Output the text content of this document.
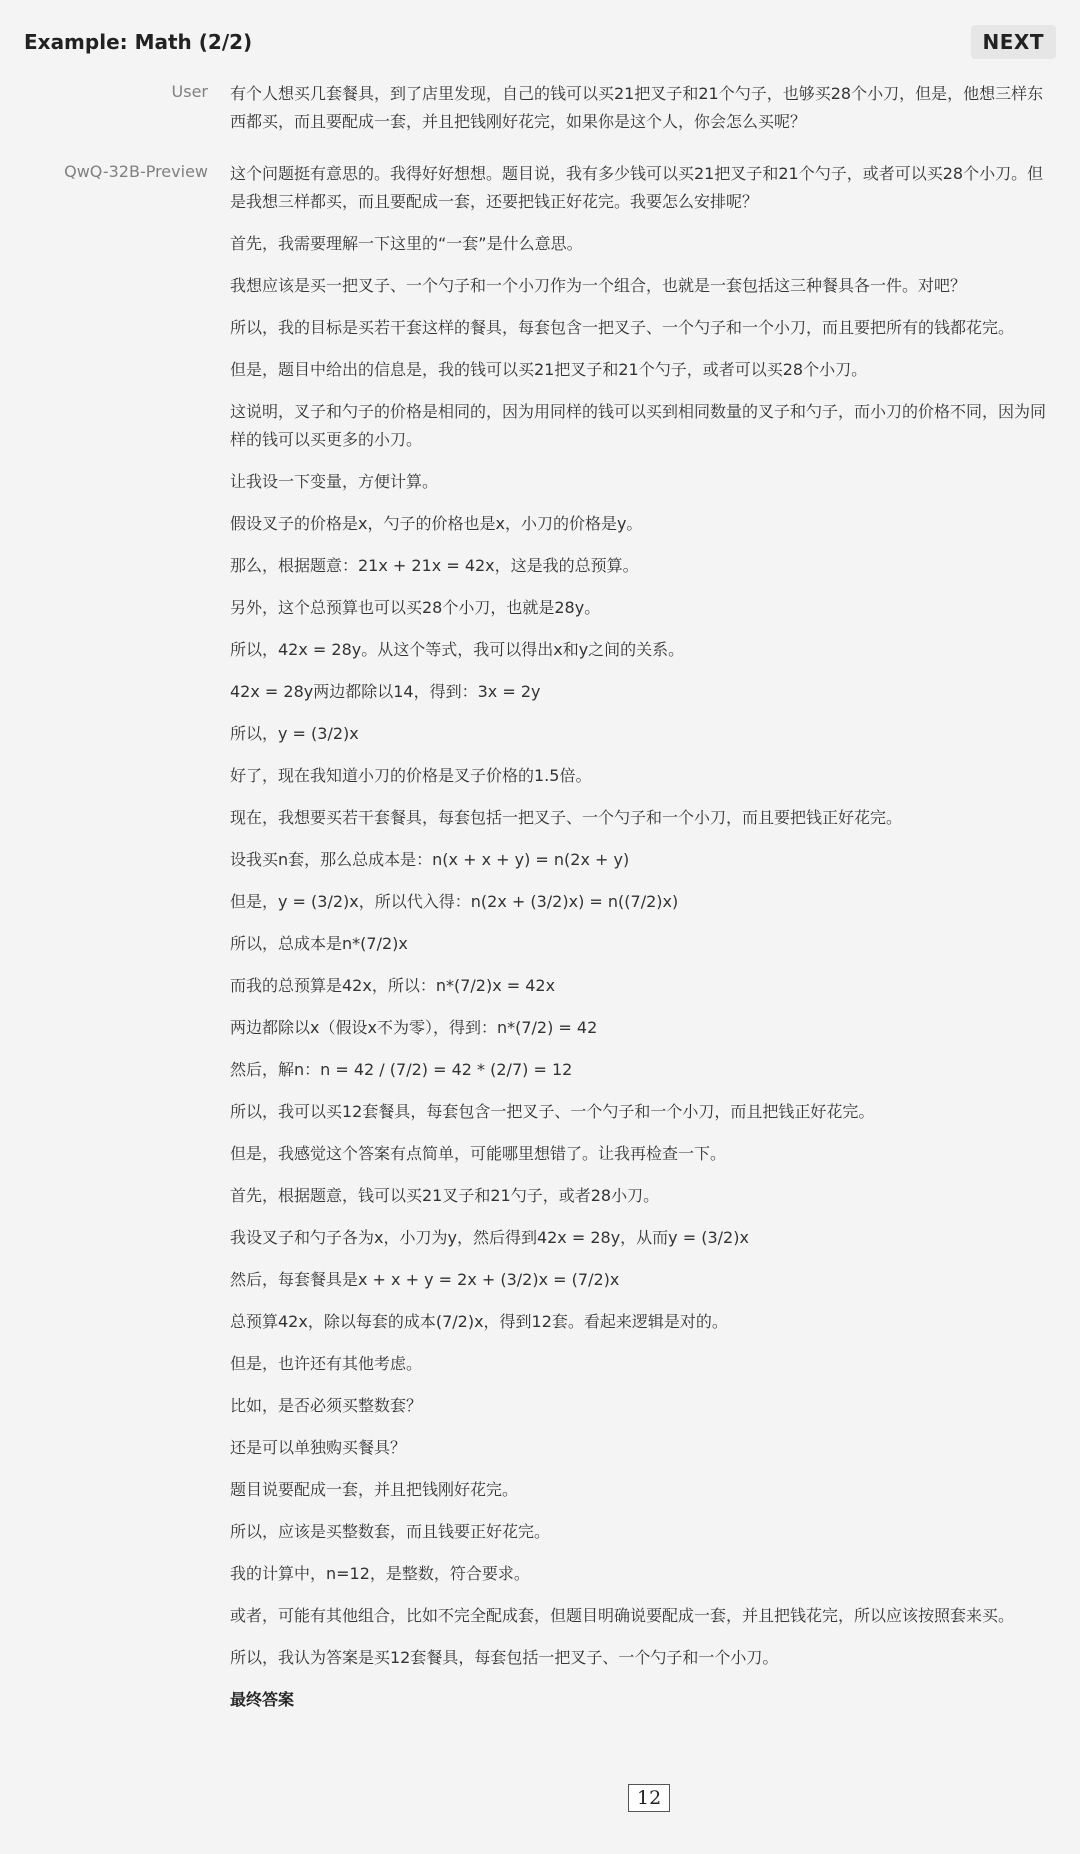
Example: Math (2/2)	NEXT
User 有个人想买几套餐具，到了店里发现，自己的钱可以买21把叉子和21个勺子，也够买28个小刀，但是，他想三样东西都买，而且要配成一套，并且把钱刚好花完，如果你是这个人，你会怎么买呢？
QwQ-32B-Preview 这个问题挺有意思的。我得好好想想。题目说，我有多少钱可以买21把叉子和21个勺子，或者可以买28个小刀。但是我想三样都买，而且要配成一套，还要把钱正好花完。我要怎么安排呢？

首先，我需要理解一下这里的“一套”是什么意思。

我想应该是买一把叉子、一个勺子和一个小刀作为一个组合，也就是一套包括这三种餐具各一件。对吧？

所以，我的目标是买若干套这样的餐具，每套包含一把叉子、一个勺子和一个小刀，而且要把所有的钱都花完。

但是，题目中给出的信息是，我的钱可以买21把叉子和21个勺子，或者可以买28个小刀。

这说明，叉子和勺子的价格是相同的，因为用同样的钱可以买到相同数量的叉子和勺子，而小刀的价格不同，因为同样的钱可以买更多的小刀。

让我设一下变量，方便计算。

假设叉子的价格是x，勺子的价格也是x，小刀的价格是y。

那么，根据题意：21x + 21x = 42x，这是我的总预算。

另外，这个总预算也可以买28个小刀，也就是28y。

所以，42x = 28y。从这个等式，我可以得出x和y之间的关系。

42x = 28y两边都除以14，得到：3x = 2y

所以，y = (3/2)x

好了，现在我知道小刀的价格是叉子价格的1.5倍。

现在，我想要买若干套餐具，每套包括一把叉子、一个勺子和一个小刀，而且要把钱正好花完。

设我买n套，那么总成本是：n(x + x + y) = n(2x + y)

但是，y = (3/2)x，所以代入得：n(2x + (3/2)x) = n((7/2)x)

所以，总成本是n*(7/2)x

而我的总预算是42x，所以：n*(7/2)x = 42x

两边都除以x（假设x不为零），得到：n*(7/2) = 42

然后，解n：n = 42 / (7/2) = 42 * (2/7) = 12

所以，我可以买12套餐具，每套包含一把叉子、一个勺子和一个小刀，而且把钱正好花完。

但是，我感觉这个答案有点简单，可能哪里想错了。让我再检查一下。

首先，根据题意，钱可以买21叉子和21勺子，或者28小刀。

我设叉子和勺子各为x，小刀为y，然后得到42x = 28y，从而y = (3/2)x

然后，每套餐具是x + x + y = 2x + (3/2)x = (7/2)x

总预算42x，除以每套的成本(7/2)x，得到12套。看起来逻辑是对的。

但是，也许还有其他考虑。

比如，是否必须买整数套？

还是可以单独购买餐具？

题目说要配成一套，并且把钱刚好花完。

所以，应该是买整数套，而且钱要正好花完。

我的计算中，n=12，是整数，符合要求。

或者，可能有其他组合，比如不完全配成套，但题目明确说要配成一套，并且把钱花完，所以应该按照套来买。

所以，我认为答案是买12套餐具，每套包括一把叉子、一个勺子和一个小刀。

最终答案

12
